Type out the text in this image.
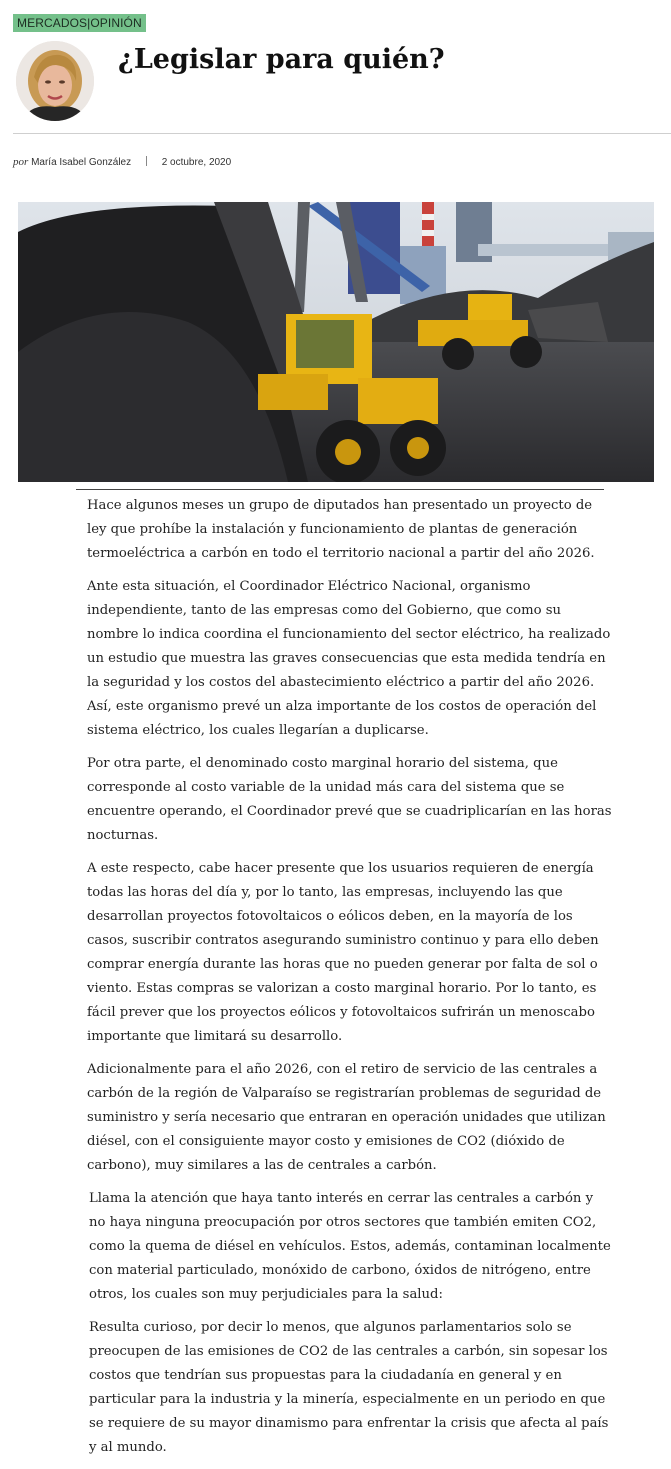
MERCADOS|OPINIÓN
¿Legislar para quién?
por María Isabel González	2 octubre, 2020

Hace algunos meses un grupo de diputados han presentado un proyecto de ley que prohíbe la instalación y funcionamiento de plantas de generación termoeléctrica a carbón en todo el territorio nacional a partir del año 2026.

Ante esta situación, el Coordinador Eléctrico Nacional, organismo independiente, tanto de las empresas como del Gobierno, que como su nombre lo indica coordina el funcionamiento del sector eléctrico, ha realizado un estudio que muestra las graves consecuencias que esta medida tendría en la seguridad y los costos del abastecimiento eléctrico a partir del año 2026. Así, este organismo prevé un alza importante de los costos de operación del sistema eléctrico, los cuales llegarían a duplicarse.

Por otra parte, el denominado costo marginal horario del sistema, que corresponde al costo variable de la unidad más cara del sistema que se encuentre operando, el Coordinador prevé que se cuadriplicarían en las horas nocturnas.

A este respecto, cabe hacer presente que los usuarios requieren de energía todas las horas del día y, por lo tanto, las empresas, incluyendo las que desarrollan proyectos fotovoltaicos o eólicos deben, en la mayoría de los casos, suscribir contratos asegurando suministro continuo y para ello deben comprar energía durante las horas que no pueden generar por falta de sol o viento. Estas compras se valorizan a costo marginal horario. Por lo tanto, es fácil prever que los proyectos eólicos y fotovoltaicos sufrirán un menoscabo importante que limitará su desarrollo.

Adicionalmente para el año 2026, con el retiro de servicio de las centrales a carbón de la región de Valparaíso se registrarían problemas de seguridad de suministro y sería necesario que entraran en operación unidades que utilizan diésel, con el consiguiente mayor costo y emisiones de CO2 (dióxido de carbono), muy similares a las de centrales a carbón.

Llama la atención que haya tanto interés en cerrar las centrales a carbón y no haya ninguna preocupación por otros sectores que también emiten CO2, como la quema de diésel en vehículos. Estos, además, contaminan localmente con material particulado, monóxido de carbono, óxidos de nitrógeno, entre otros, los cuales son muy perjudiciales para la salud:

Resulta curioso, por decir lo menos, que algunos parlamentarios solo se preocupen de las emisiones de CO2 de las centrales a carbón, sin sopesar los costos que tendrían sus propuestas para la ciudadanía en general y en particular para la industria y la minería, especialmente en un periodo en que se requiere de su mayor dinamismo para enfrentar la crisis que afecta al país y al mundo.
